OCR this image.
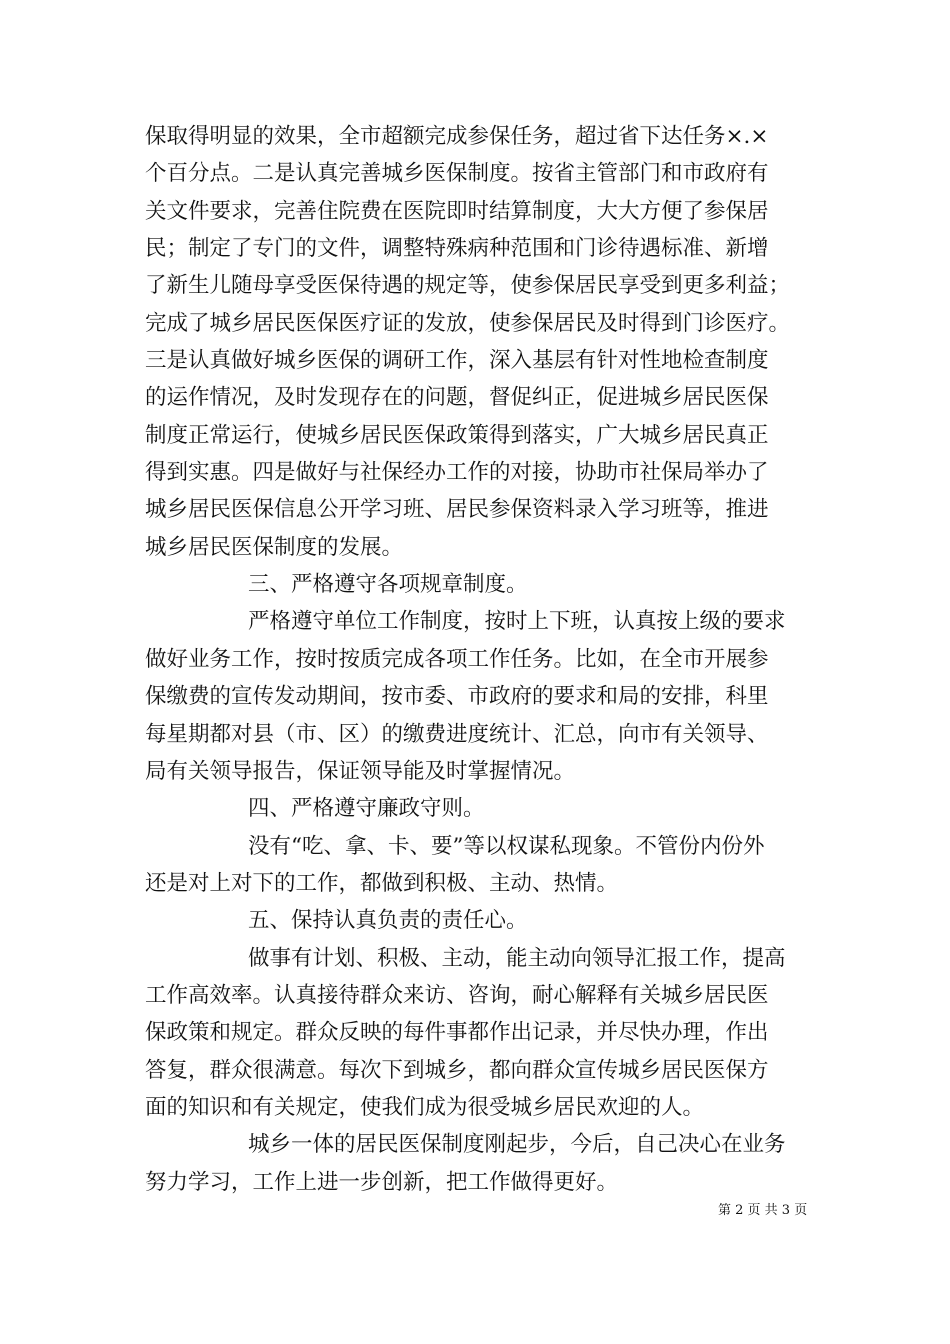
保取得明显的效果，全市超额完成参保任务，超过省下达任务×.×
个百分点。二是认真完善城乡医保制度。按省主管部门和市政府有
关文件要求，完善住院费在医院即时结算制度，大大方便了参保居
民；制定了专门的文件，调整特殊病种范围和门诊待遇标准、新增
了新生儿随母享受医保待遇的规定等，使参保居民享受到更多利益；
完成了城乡居民医保医疗证的发放，使参保居民及时得到门诊医疗。
三是认真做好城乡医保的调研工作，深入基层有针对性地检查制度
的运作情况，及时发现存在的问题，督促纠正，促进城乡居民医保
制度正常运行，使城乡居民医保政策得到落实，广大城乡居民真正
得到实惠。四是做好与社保经办工作的对接，协助市社保局举办了
城乡居民医保信息公开学习班、居民参保资料录入学习班等，推进
城乡居民医保制度的发展。
三、严格遵守各项规章制度。
严格遵守单位工作制度，按时上下班，认真按上级的要求
做好业务工作，按时按质完成各项工作任务。比如，在全市开展参
保缴费的宣传发动期间，按市委、市政府的要求和局的安排，科里
每星期都对县（市、区）的缴费进度统计、汇总，向市有关领导、
局有关领导报告，保证领导能及时掌握情况。
四、严格遵守廉政守则。
没有“吃、拿、卡、要”等以权谋私现象。不管份内份外
还是对上对下的工作，都做到积极、主动、热情。
五、保持认真负责的责任心。
做事有计划、积极、主动，能主动向领导汇报工作，提高
工作高效率。认真接待群众来访、咨询，耐心解释有关城乡居民医
保政策和规定。群众反映的每件事都作出记录，并尽快办理，作出
答复，群众很满意。每次下到城乡，都向群众宣传城乡居民医保方
面的知识和有关规定，使我们成为很受城乡居民欢迎的人。
城乡一体的居民医保制度刚起步，今后，自己决心在业务
努力学习，工作上进一步创新，把工作做得更好。
第 2 页 共 3 页
